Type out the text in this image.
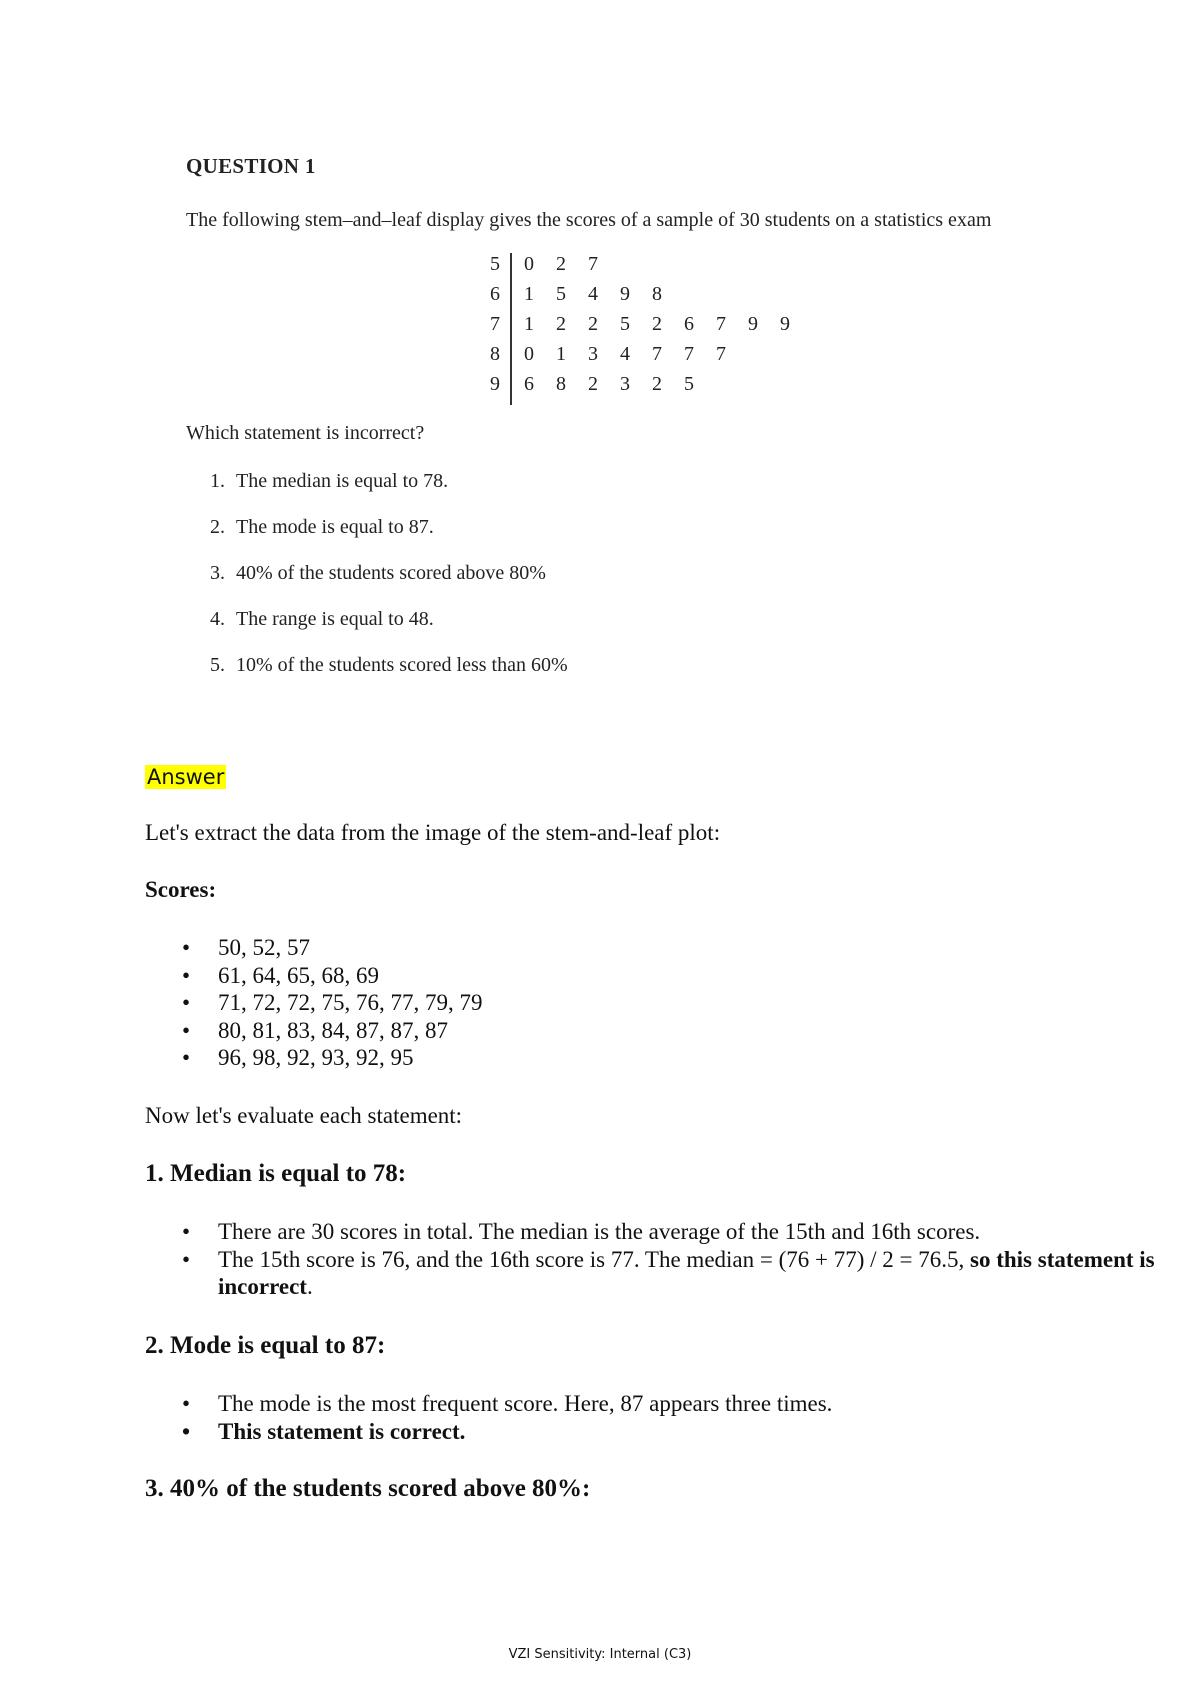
QUESTION 1
The following stem–and–leaf display gives the scores of a sample of 30 students on a statistics exam
5 0 2 7
6 1 5 4 9 8
7 1 2 2 5 2 6 7 9 9
8 0 1 3 4 7 7 7
9 6 8 2 3 2 5
Which statement is incorrect?
1. The median is equal to 78.
2. The mode is equal to 87.
3. 40% of the students scored above 80%
4. The range is equal to 48.
5. 10% of the students scored less than 60%
Answer
Let's extract the data from the image of the stem-and-leaf plot:
Scores:
• 50, 52, 57
• 61, 64, 65, 68, 69
• 71, 72, 72, 75, 76, 77, 79, 79
• 80, 81, 83, 84, 87, 87, 87
• 96, 98, 92, 93, 92, 95
Now let's evaluate each statement:
1. Median is equal to 78:
• There are 30 scores in total. The median is the average of the 15th and 16th scores.
• The 15th score is 76, and the 16th score is 77. The median = (76 + 77) / 2 = 76.5, so this statement is incorrect.
2. Mode is equal to 87:
• The mode is the most frequent score. Here, 87 appears three times.
• This statement is correct.
3. 40% of the students scored above 80%:
VZI Sensitivity: Internal (C3)
